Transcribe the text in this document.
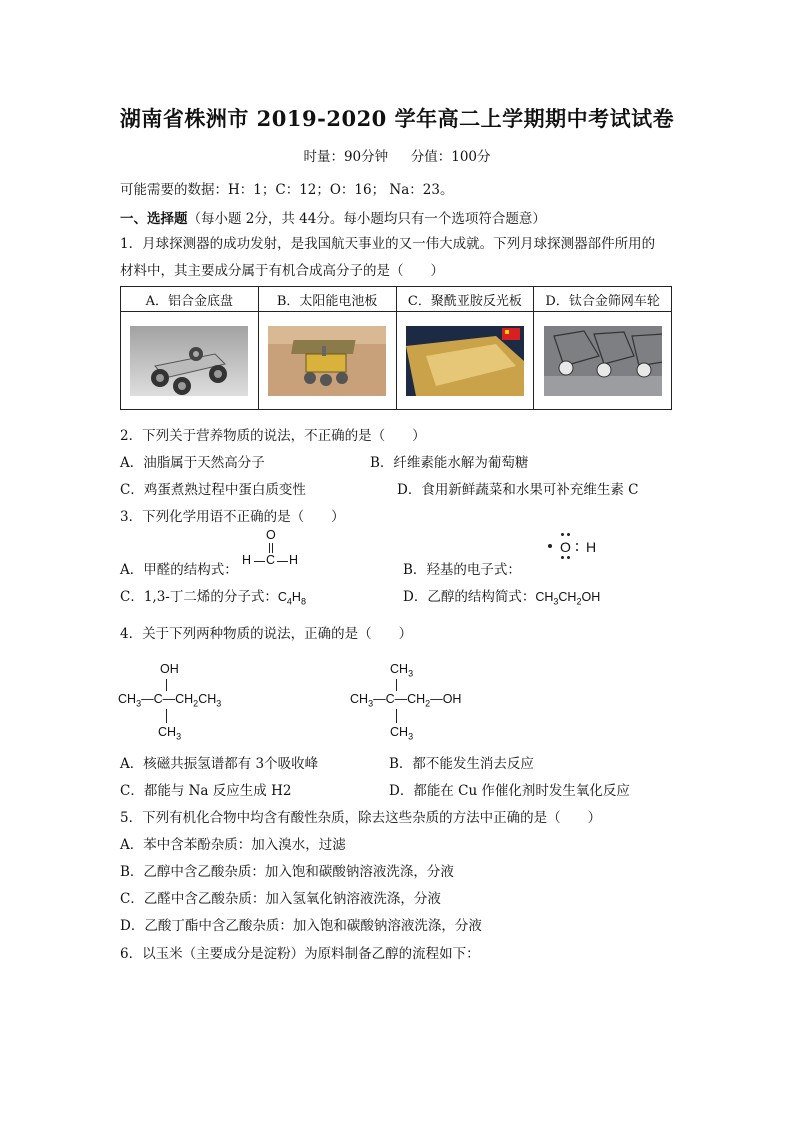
湖南省株洲市 2019-2020 学年高二上学期期中考试试卷
时量：90分钟 分值：100分
可能需要的数据：H：1；C：12；O：16； Na：23。
一、选择题（每小题 2分，共 44分。每小题均只有一个选项符合题意）
1．月球探测器的成功发射，是我国航天事业的又一伟大成就。下列月球探测器部件所用的
材料中，其主要成分属于有机合成高分子的是（　　）
A．铝合金底盘	B．太阳能电池板	C．聚酰亚胺反光板	D．钛合金筛网车轮

2．下列关于营养物质的说法，不正确的是（　　）
A．油脂属于天然高分子	B．纤维素能水解为葡萄糖
C．鸡蛋煮熟过程中蛋白质变性	D．食用新鲜蔬菜和水果可补充维生素 C
3．下列化学用语不正确的是（　　）
A．甲醛的结构式：
O
H C H
B．羟基的电子式：
O H
C．1,3-丁二烯的分子式：$C_4H_8$	D．乙醇的结构简式：$CH_3CH_2OH$
4．关于下列两种物质的说法，正确的是（　　）
OH
$CH_3—C—CH_2CH_3$
$CH_3$
$CH_3$
$CH_3—C—CH_2—OH$
$CH_3$
A．核磁共振氢谱都有 3个吸收峰	B．都不能发生消去反应
C．都能与 Na 反应生成 H2	D．都能在 Cu 作催化剂时发生氧化反应
5．下列有机化合物中均含有酸性杂质，除去这些杂质的方法中正确的是（　　）
A．苯中含苯酚杂质：加入溴水，过滤
B．乙醇中含乙酸杂质：加入饱和碳酸钠溶液洗涤，分液
C．乙醛中含乙酸杂质：加入氢氧化钠溶液洗涤，分液
D．乙酸丁酯中含乙酸杂质：加入饱和碳酸钠溶液洗涤，分液
6．以玉米（主要成分是淀粉）为原料制备乙醇的流程如下：
